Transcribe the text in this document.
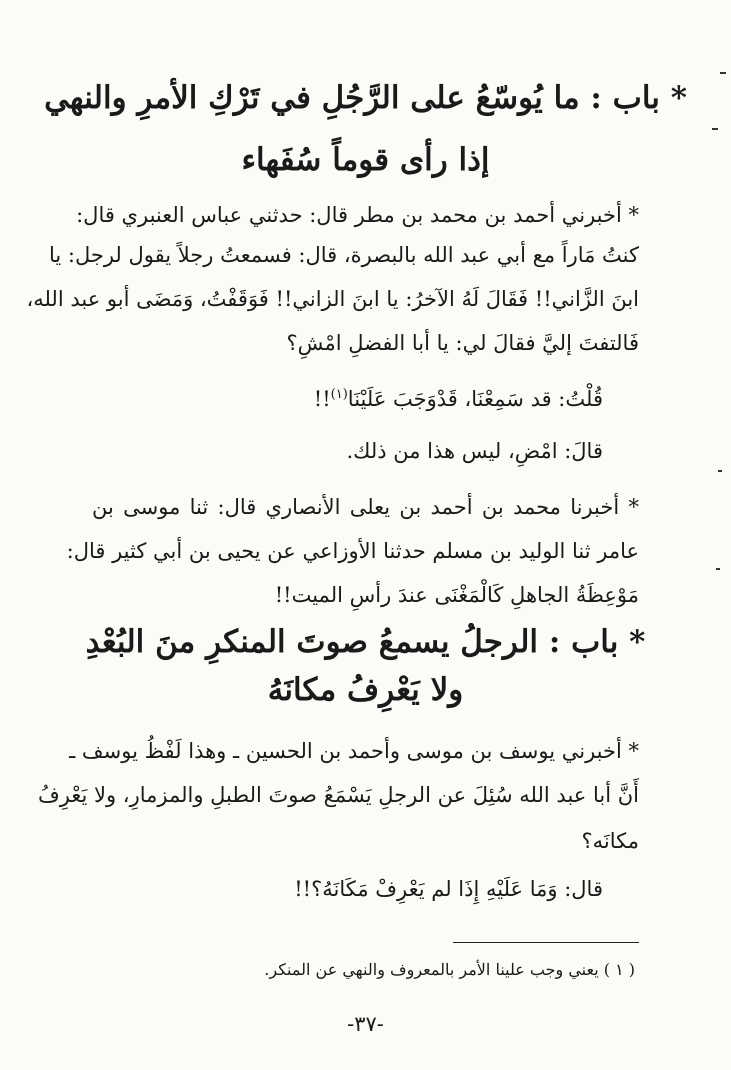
* باب : ما يُوسّعُ على الرَّجُلِ في تَرْكِ الأمرِ والنهي
إذا رأى قوماً سُفَهاء
* أخبرني أحمد بن محمد بن مطر قال: حدثني عباس العنبري قال:
كنتُ مَاراً مع أبي عبد الله بالبصرة، قال: فسمعتُ رجلاً يقول لرجل: يا
ابنَ الزَّاني!! فَقَالَ لَهُ الآخرُ: يا ابنَ الزاني!! فَوَقَفْتُ، وَمَضَى أبو عبد الله،
فَالتفتَ إليَّ فقالَ لي: يا أبا الفضلِ امْشِ؟
قُلْتُ: قد سَمِعْنَا، قَدْوَجَبَ عَلَيْنَا$^{(١)}$!!
قالَ: امْضِ، ليس هذا من ذلك.
* أخبرنا محمد بن أحمد بن يعلى الأنصاري قال: ثنا موسى بن
عامر ثنا الوليد بن مسلم حدثنا الأوزاعي عن يحيى بن أبي كثير قال:
مَوْعِظَةُ الجاهلِ كَالْمَغْنَى عندَ رأسِ الميت!!
* باب : الرجلُ يسمعُ صوتَ المنكرِ منَ البُعْدِ
ولا يَعْرِفُ مكانَهُ
* أخبرني يوسف بن موسى وأحمد بن الحسين ـ وهذا لَفْظُ يوسف ـ
أَنَّ أبا عبد الله سُئِلَ عن الرجلِ يَسْمَعُ صوتَ الطبلِ والمزمارِ، ولا يَعْرِفُ
مكانَه؟
قال: وَمَا عَلَيْهِ إِذَا لم يَعْرِفْ مَكَانَهُ؟!!
( ١ ) يعني وجب علينا الأمر بالمعروف والنهي عن المنكر.
-٣٧-
